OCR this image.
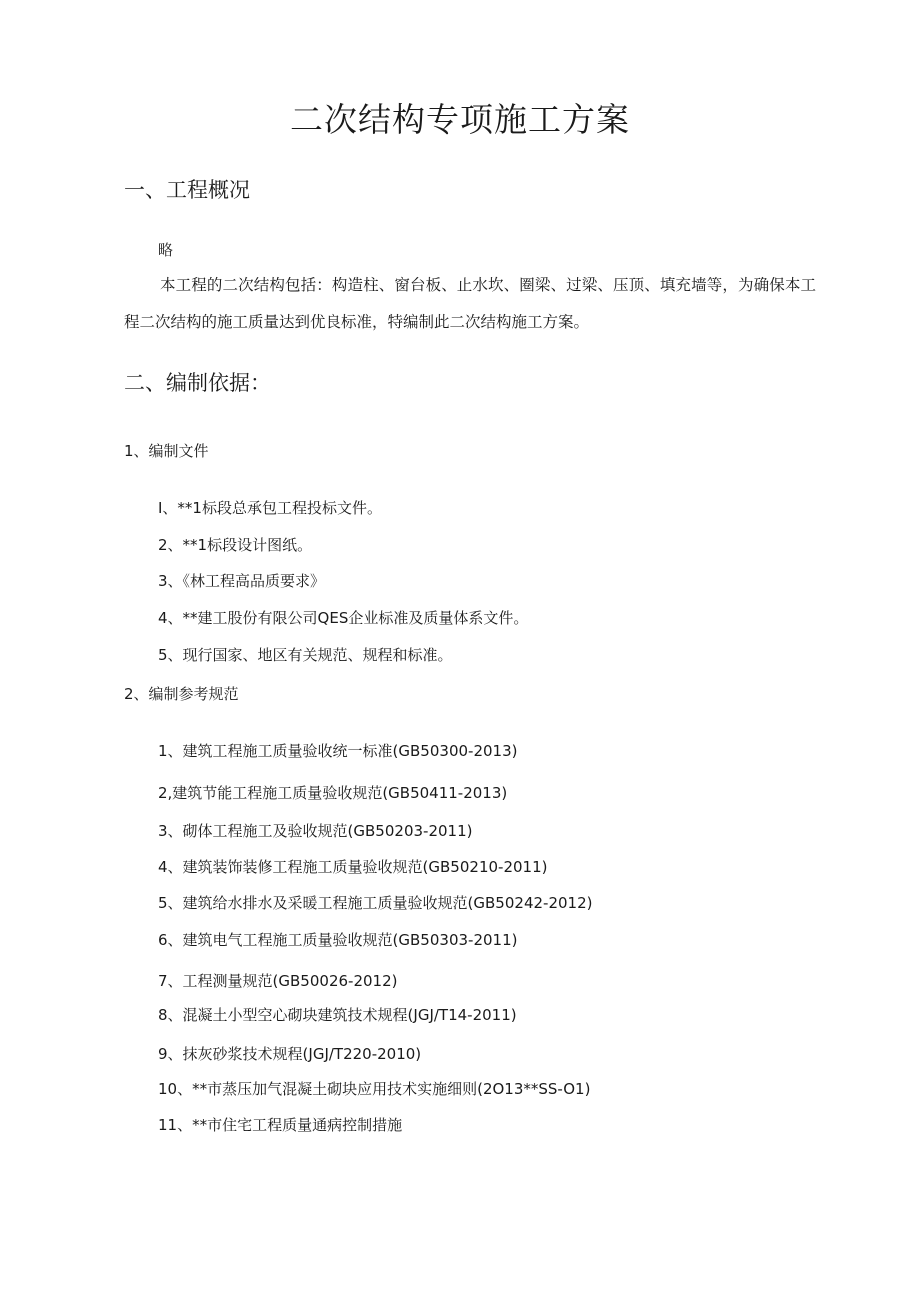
二次结构专项施工方案
一、工程概况

略

本工程的二次结构包括：构造柱、窗台板、止水坎、圈梁、过梁、压顶、填充墙等，为确保本工程二次结构的施工质量达到优良标准，特编制此二次结构施工方案。

二、编制依据：
1、编制文件

I、**1标段总承包工程投标文件。

2、**1标段设计图纸。

3、《林工程高品质要求》

4、**建工股份有限公司QES企业标准及质量体系文件。

5、现行国家、地区有关规范、规程和标准。

2、编制参考规范

1、建筑工程施工质量验收统一标准(GB50300-2013)

2,建筑节能工程施工质量验收规范(GB50411-2013)

3、砌体工程施工及验收规范(GB50203-2011)

4、建筑装饰装修工程施工质量验收规范(GB50210-2011)

5、建筑给水排水及采暖工程施工质量验收规范(GB50242-2012)

6、建筑电气工程施工质量验收规范(GB50303-2011)

7、工程测量规范(GB50026-2012)

8、混凝土小型空心砌块建筑技术规程(JGJ/T14-2011)

9、抹灰砂浆技术规程(JGJ/T220-2010)

10、**市蒸压加气混凝土砌块应用技术实施细则(2O13**SS-O1)

11、**市住宅工程质量通病控制措施
